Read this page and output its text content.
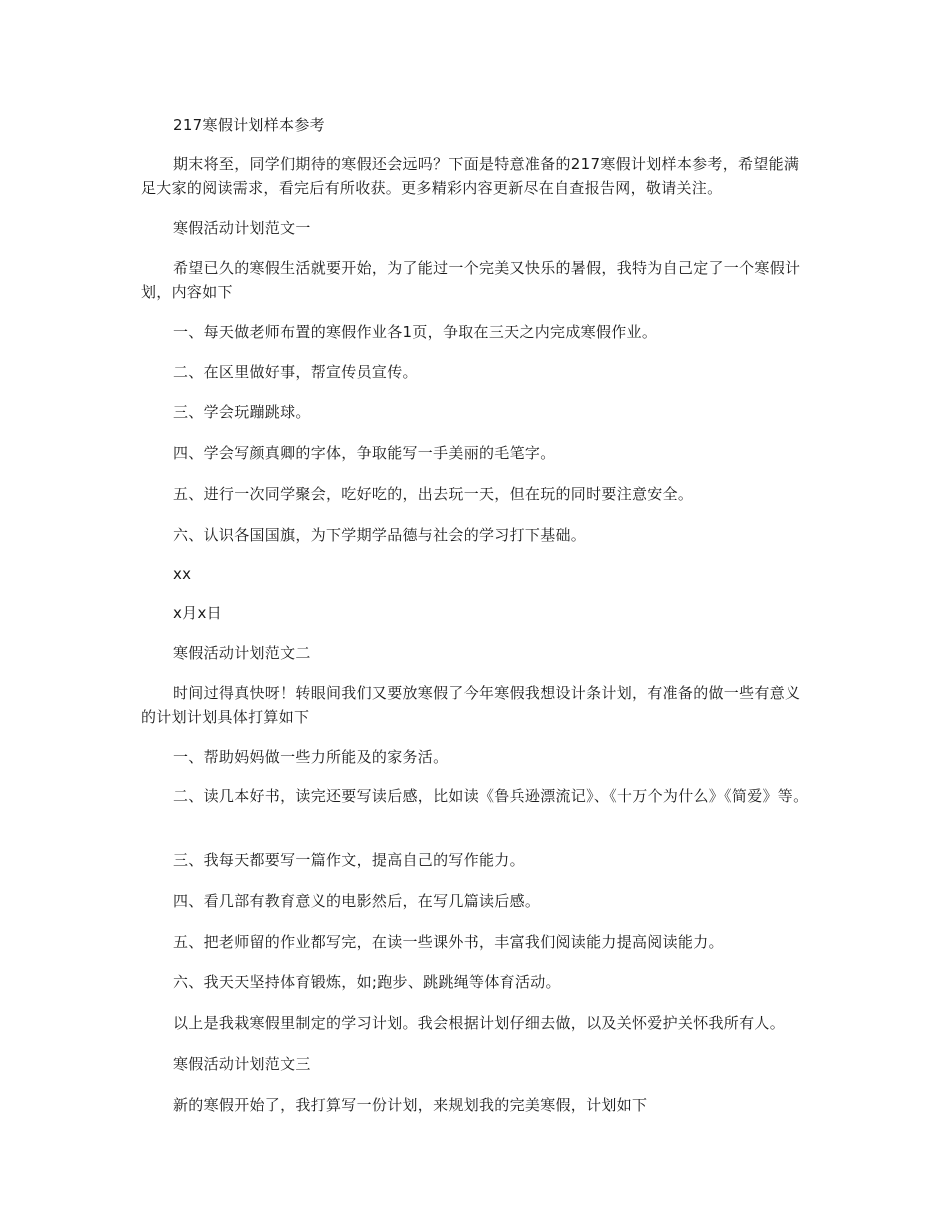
217寒假计划样本参考
期末将至，同学们期待的寒假还会远吗？下面是特意准备的217寒假计划样本参考，希望能满足大家的阅读需求，看完后有所收获。更多精彩内容更新尽在自查报告网，敬请关注。
寒假活动计划范文一
希望已久的寒假生活就要开始，为了能过一个完美又快乐的暑假，我特为自己定了一个寒假计划，内容如下
一、每天做老师布置的寒假作业各1页，争取在三天之内完成寒假作业。
二、在区里做好事，帮宣传员宣传。
三、学会玩蹦跳球。
四、学会写颜真卿的字体，争取能写一手美丽的毛笔字。
五、进行一次同学聚会，吃好吃的，出去玩一天，但在玩的同时要注意安全。
六、认识各国国旗，为下学期学品德与社会的学习打下基础。
xx
x月x日
寒假活动计划范文二
时间过得真快呀！转眼间我们又要放寒假了今年寒假我想设计条计划，有准备的做一些有意义的计划计划具体打算如下
一、帮助妈妈做一些力所能及的家务活。
二、读几本好书，读完还要写读后感，比如读《鲁兵逊漂流记》、《十万个为什么》《简爱》等。
三、我每天都要写一篇作文，提高自己的写作能力。
四、看几部有教育意义的电影然后，在写几篇读后感。
五、把老师留的作业都写完，在读一些课外书，丰富我们阅读能力提高阅读能力。
六、我天天坚持体育锻炼，如;跑步、跳跳绳等体育活动。
以上是我栽寒假里制定的学习计划。我会根据计划仔细去做，以及关怀爱护关怀我所有人。
寒假活动计划范文三
新的寒假开始了，我打算写一份计划，来规划我的完美寒假，计划如下
